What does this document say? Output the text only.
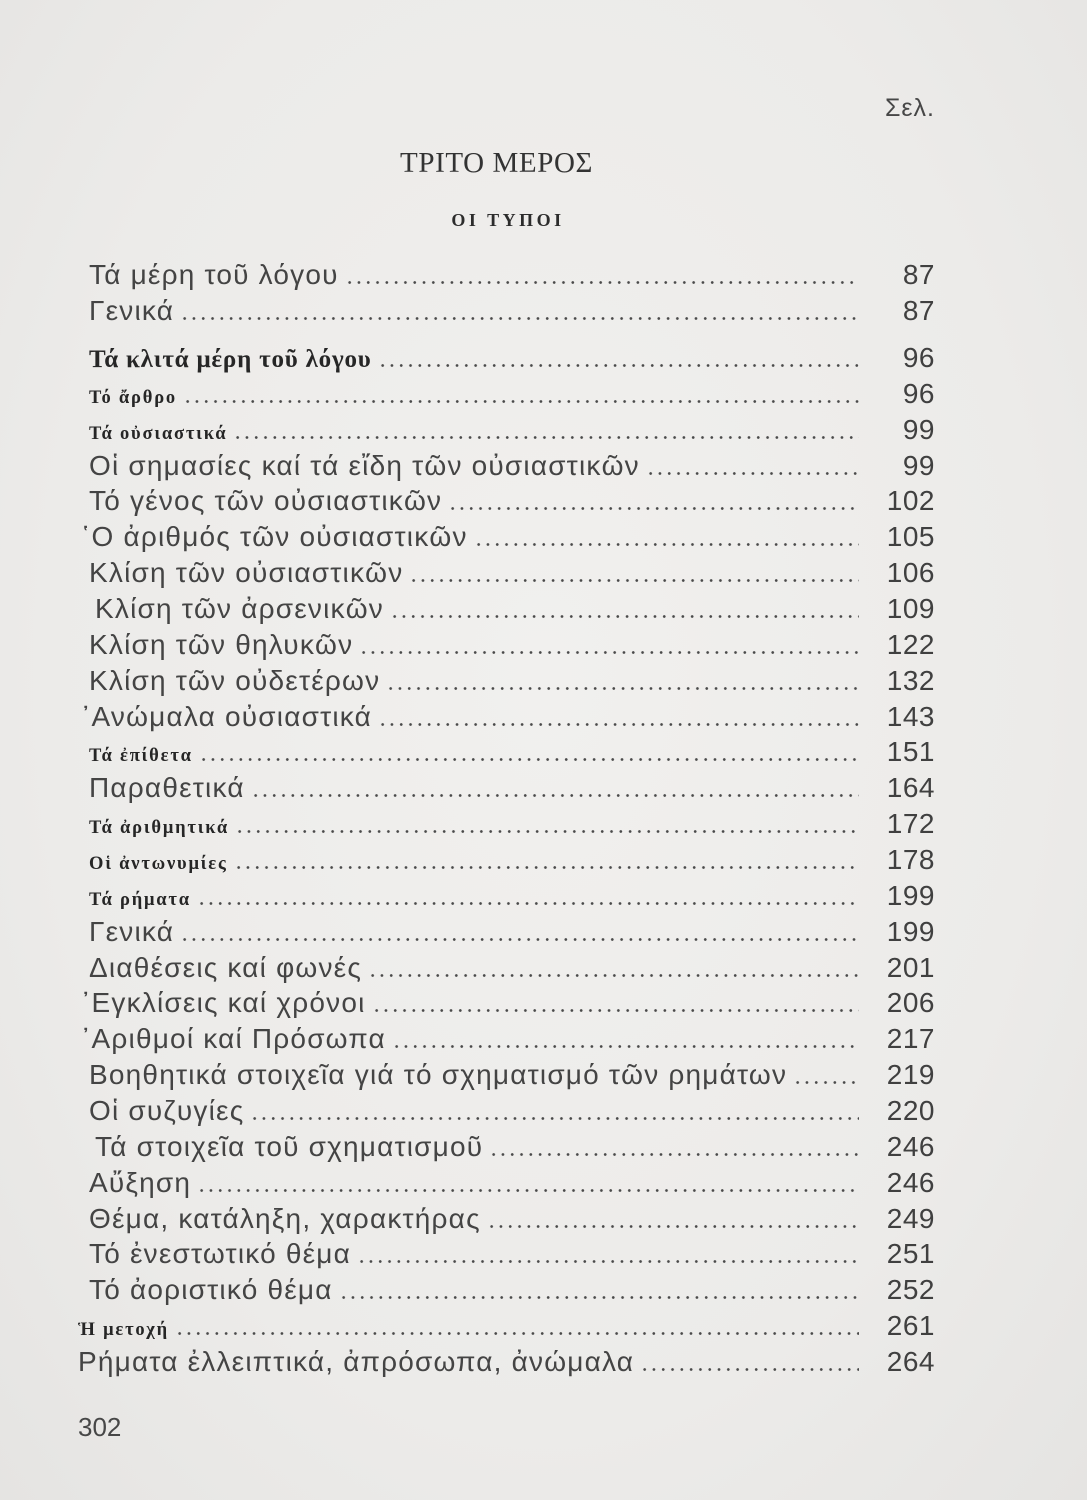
Σελ.
ΤΡΙΤΟ ΜΕΡΟΣ
ΟΙ ΤΥΠΟΙ
Τά μέρη τοῦ λόγου	87
Γενικά	87
Τά κλιτά μέρη τοῦ λόγου	96
Τό ἄρθρο	96
Τά οὐσιαστικά	99
Οἱ σημασίες καί τά εἴδη τῶν οὐσιαστικῶν	99
Τό γένος τῶν οὐσιαστικῶν	102
῾Ο ἀριθμός τῶν οὐσιαστικῶν	105
Κλίση τῶν οὐσιαστικῶν	106
Κλίση τῶν ἀρσενικῶν	109
Κλίση τῶν θηλυκῶν	122
Κλίση τῶν οὐδετέρων	132
᾿Ανώμαλα οὐσιαστικά	143
Τά ἐπίθετα	151
Παραθετικά	164
Τά ἀριθμητικά	172
Οἱ ἀντωνυμίες	178
Τά ρήματα	199
Γενικά	199
Διαθέσεις καί φωνές	201
᾿Εγκλίσεις καί χρόνοι	206
᾿Αριθμοί καί Πρόσωπα	217
Βοηθητικά στοιχεῖα γιά τό σχηματισμό τῶν ρημάτων	219
Οἱ συζυγίες	220
Τά στοιχεῖα τοῦ σχηματισμοῦ	246
Αὔξηση	246
Θέμα, κατάληξη, χαρακτήρας	249
Τό ἐνεστωτικό θέμα	251
Τό ἀοριστικό θέμα	252
Ἡ μετοχή	261
Ρήματα ἐλλειπτικά, ἀπρόσωπα, ἀνώμαλα	264
302
